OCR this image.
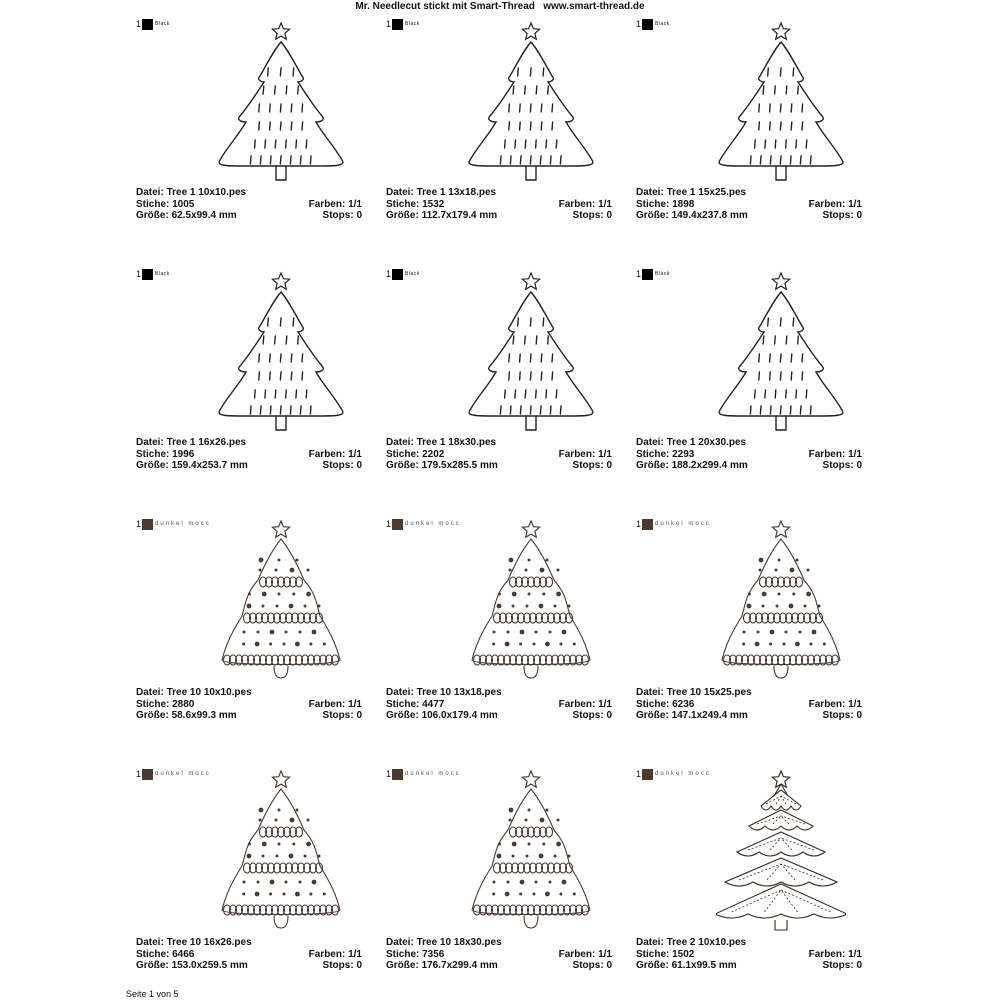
Mr. Needlecut stickt mit Smart-Thread   www.smart-thread.de
1	Black
Datei: Tree 1 10x10.pes
Stiche: 1005	Farben: 1/1
Größe: 62.5x99.4 mm	Stops: 0
1	Black
Datei: Tree 1 13x18.pes
Stiche: 1532	Farben: 1/1
Größe: 112.7x179.4 mm	Stops: 0
1	Black
Datei: Tree 1 15x25.pes
Stiche: 1898	Farben: 1/1
Größe: 149.4x237.8 mm	Stops: 0
1	Black
Datei: Tree 1 16x26.pes
Stiche: 1996	Farben: 1/1
Größe: 159.4x253.7 mm	Stops: 0
1	Black
Datei: Tree 1 18x30.pes
Stiche: 2202	Farben: 1/1
Größe: 179.5x285.5 mm	Stops: 0
1	Black
Datei: Tree 1 20x30.pes
Stiche: 2293	Farben: 1/1
Größe: 188.2x299.4 mm	Stops: 0
1 dunkel mocc
Datei: Tree 10 10x10.pes
Stiche: 2880	Farben: 1/1
Größe: 58.6x99.3 mm	Stops: 0
1 dunkel mocc
Datei: Tree 10 13x18.pes
Stiche: 4477	Farben: 1/1
Größe: 106.0x179.4 mm	Stops: 0
1 dunkel mocc
Datei: Tree 10 15x25.pes
Stiche: 6236	Farben: 1/1
Größe: 147.1x249.4 mm	Stops: 0
1 dunkel mocc
Datei: Tree 10 16x26.pes
Stiche: 6466	Farben: 1/1
Größe: 153.0x259.5 mm	Stops: 0
1 dunkel mocc
Datei: Tree 10 18x30.pes
Stiche: 7356	Farben: 1/1
Größe: 176.7x299.4 mm	Stops: 0
1 dunkel mocc
Datei: Tree 2 10x10.pes
Stiche: 1502	Farben: 1/1
Größe: 61.1x99.5 mm	Stops: 0
Seite 1 von 5
